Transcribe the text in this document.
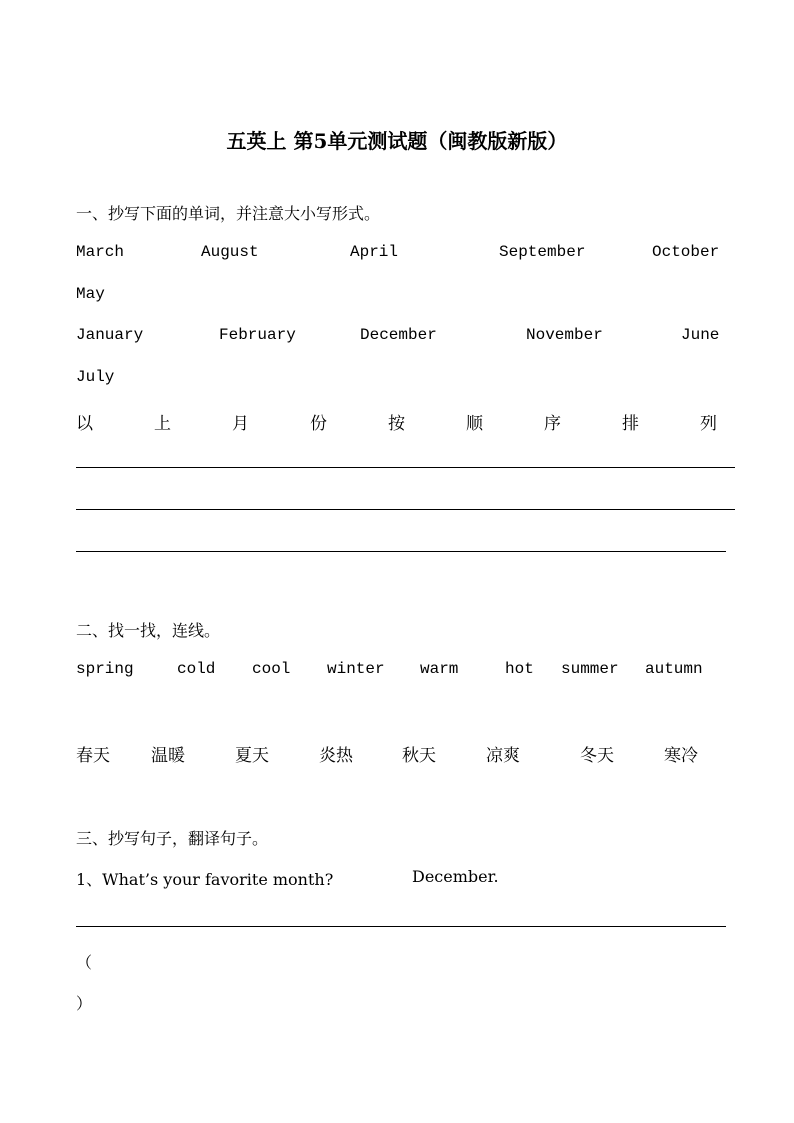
五英上 第5单元测试题（闽教版新版）
一、抄写下面的单词，并注意大小写形式。
March	August	April	September	October
May
January	February	December	November	June
July
以	上	月	份	按	顺	序	排	列
二、找一找，连线。
spring	cold cool winter warm	hot summer autumn
春天 温暖	夏天	炎热	秋天	凉爽	冬天	寒冷
三、抄写句子，翻译句子。
1、What’s your favorite month?	December.
（
）
